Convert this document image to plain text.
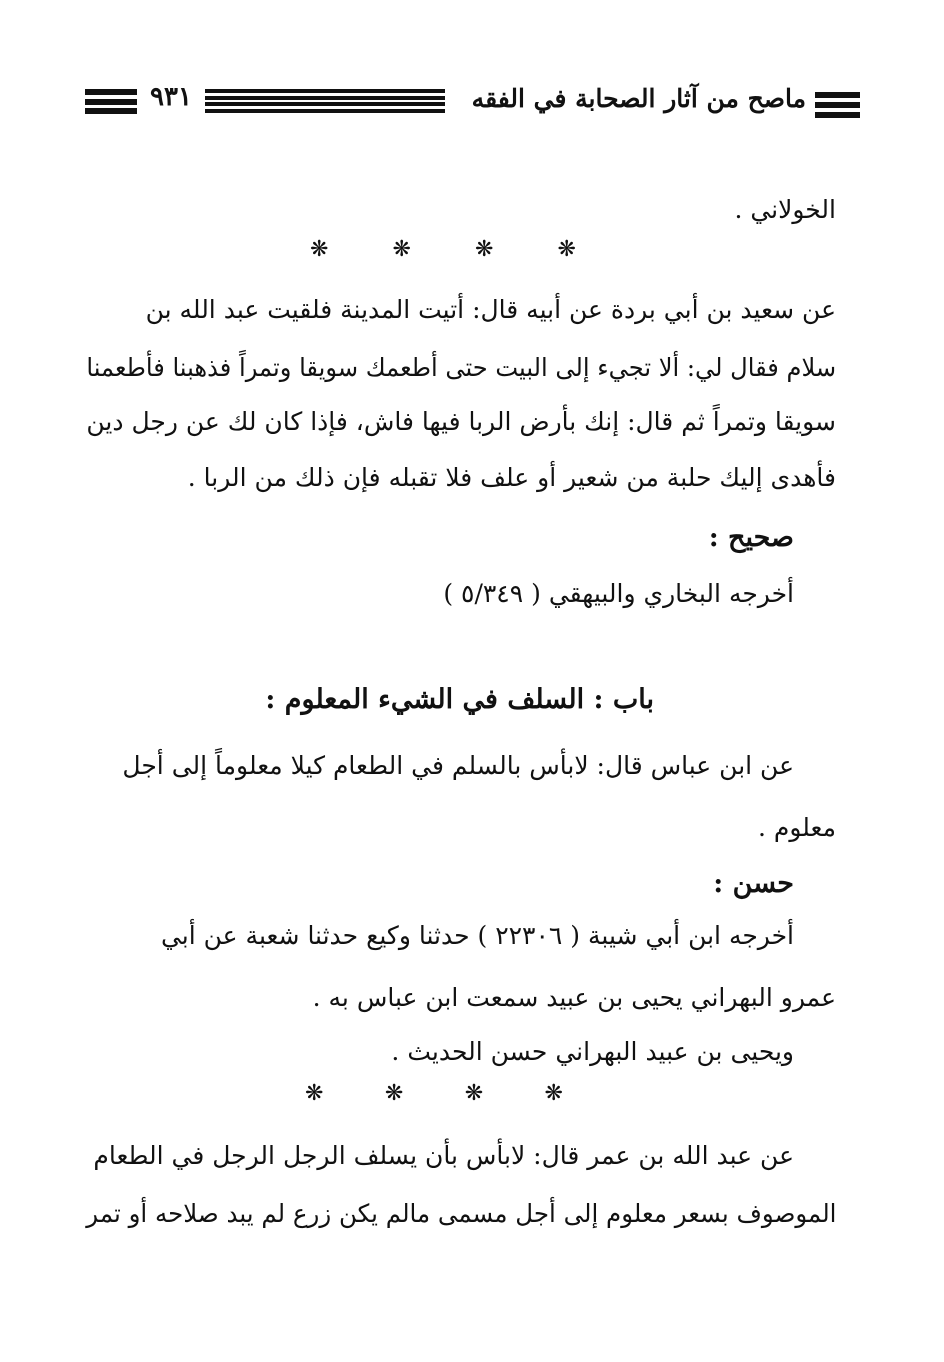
٩٣١	ماصح من آثار الصحابة في الفقه
الخولاني .
❋	❋	❋	❋
عن سعيد بن أبي بردة عن أبيه قال: أتيت المدينة فلقيت عبد الله بن
سلام فقال لي: ألا تجيء إلى البيت حتى أطعمك سويقا وتمراً فذهبنا فأطعمنا
سويقا وتمراً ثم قال: إنك بأرض الربا فيها فاش، فإذا كان لك عن رجل دين
فأهدى إليك حلبة من شعير أو علف فلا تقبله فإن ذلك من الربا .
صحيح :
أخرجه البخاري والبيهقي ( ٥/٣٤٩ )
باب : السلف في الشيء المعلوم :
عن ابن عباس قال: لابأس بالسلم في الطعام كيلا معلوماً إلى أجل
معلوم .
حسن :
أخرجه ابن أبي شيبة ( ٢٢٣٠٦ ) حدثنا وكيع حدثنا شعبة عن أبي
عمرو البهراني يحيى بن عبيد سمعت ابن عباس به .
ويحيى بن عبيد البهراني حسن الحديث .
❋	❋	❋	❋
عن عبد الله بن عمر قال: لابأس بأن يسلف الرجل الرجل في الطعام
الموصوف بسعر معلوم إلى أجل مسمى مالم يكن زرع لم يبد صلاحه أو تمر
